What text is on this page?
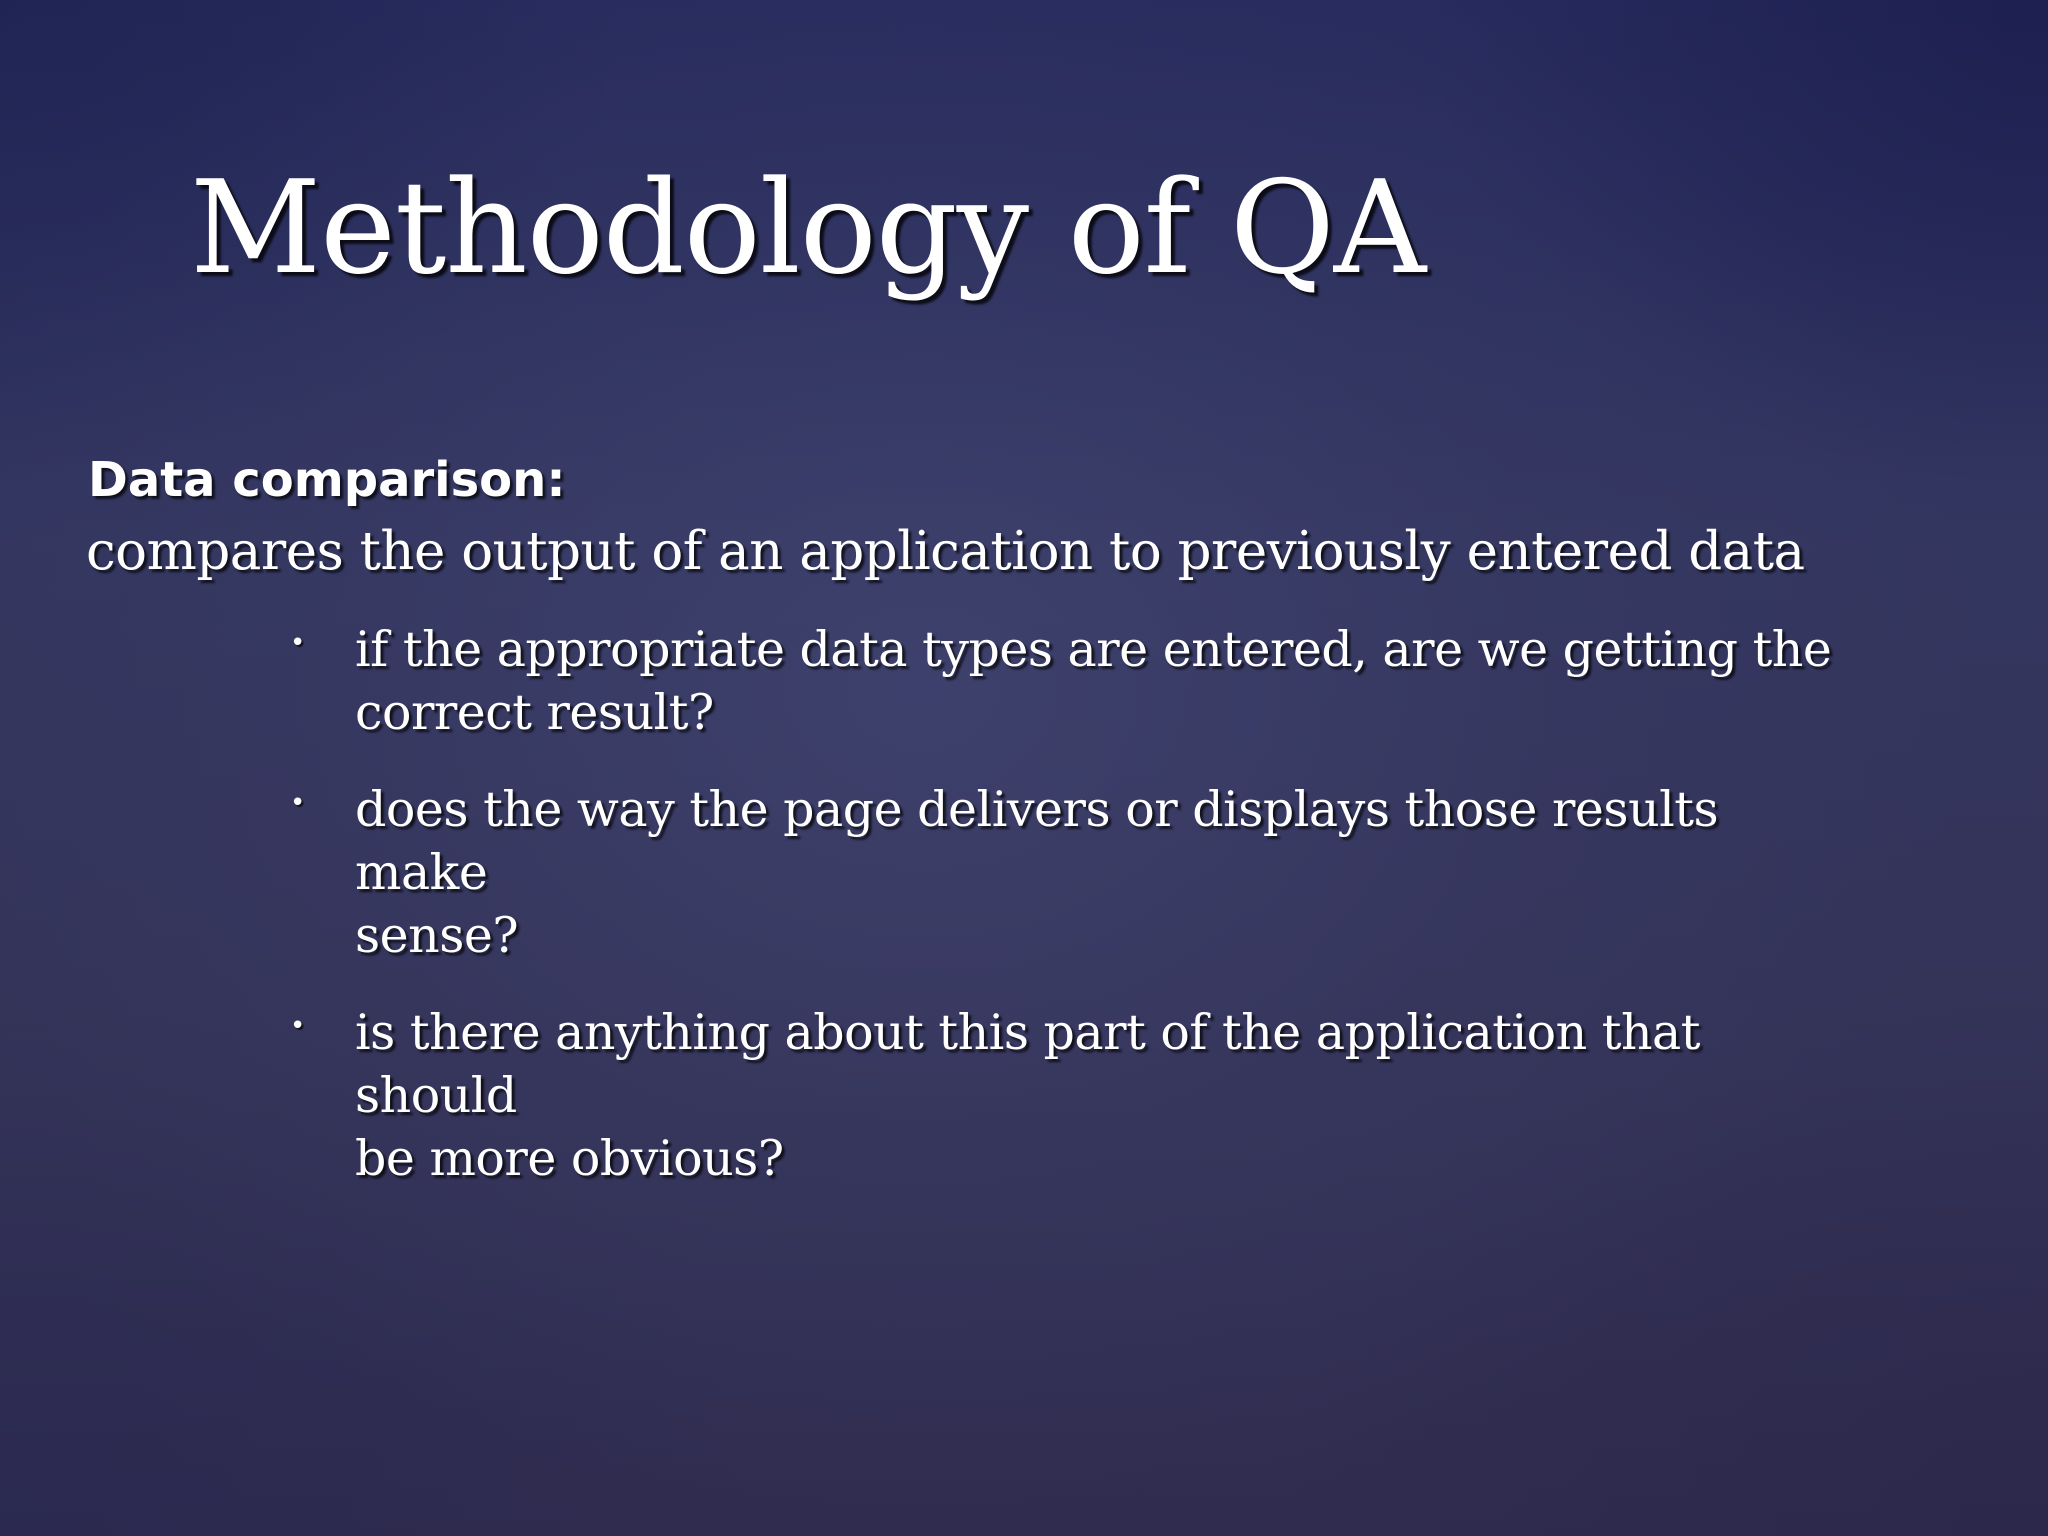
Methodology of QA
Data comparison:
compares the output of an application to previously entered data
• if the appropriate data types are entered, are we getting the
correct result?
• does the way the page delivers or displays those results make
sense?
• is there anything about this part of the application that should
be more obvious?
